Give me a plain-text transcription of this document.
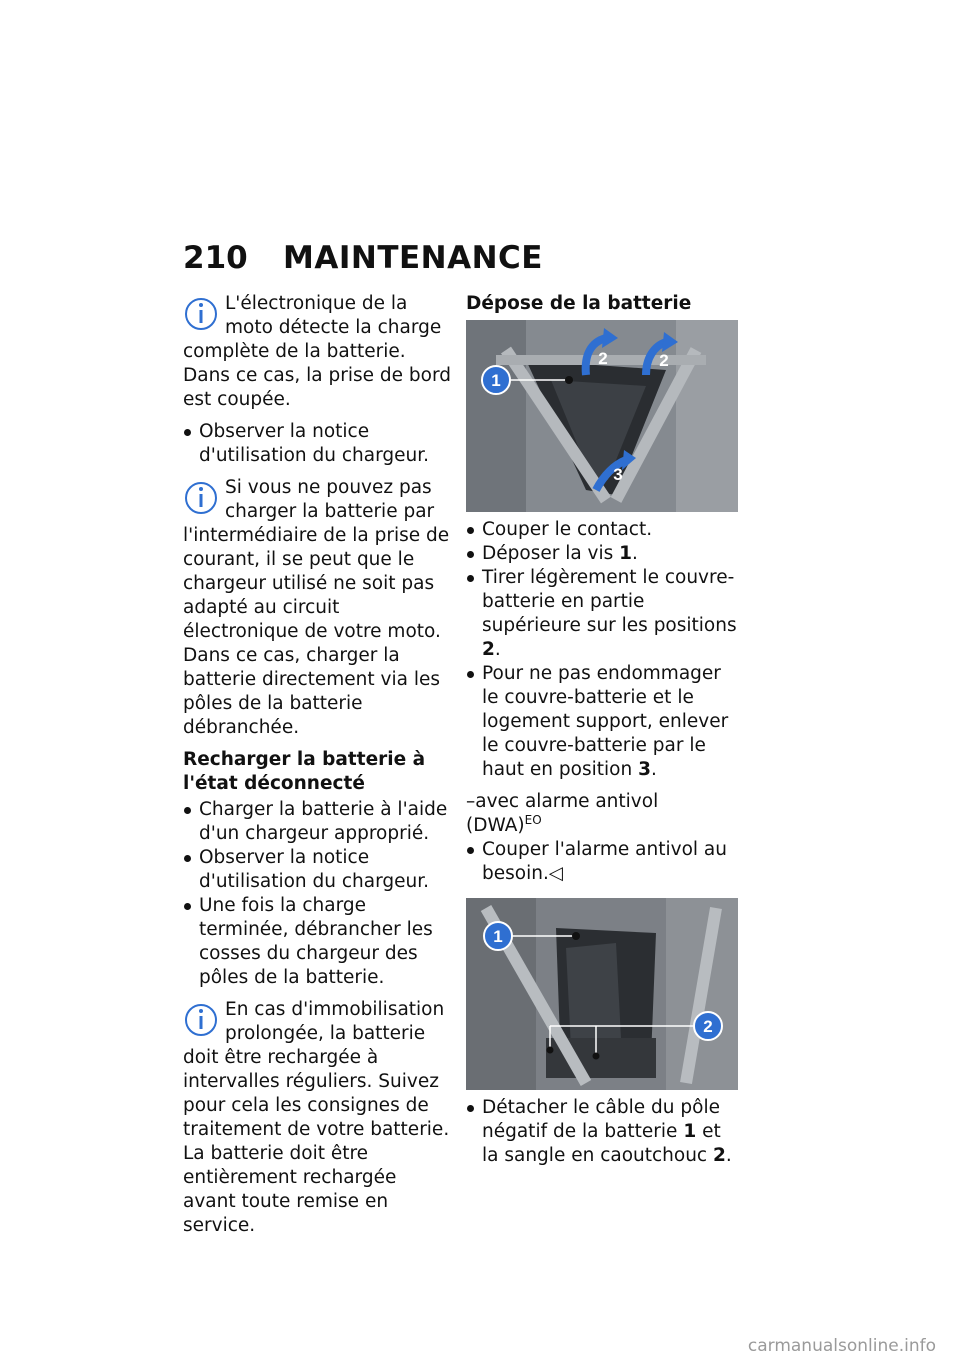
210	MAINTENANCE

L'électronique de la moto détecte la charge complète de la batterie. Dans ce cas, la prise de bord est coupée.

Observer la notice d'utilisation du chargeur.

Si vous ne pouvez pas charger la batterie par l'intermédiaire de la prise de courant, il se peut que le chargeur utilisé ne soit pas adapté au circuit électronique de votre moto. Dans ce cas, charger la batterie directement via les pôles de la batterie débranchée.

Recharger la batterie à l'état déconnecté

Charger la batterie à l'aide d'un chargeur approprié.
Observer la notice d'utilisation du chargeur.
Une fois la charge terminée, débrancher les cosses du chargeur des pôles de la batterie.

En cas d'immobilisation prolongée, la batterie doit être rechargée à intervalles réguliers. Suivez pour cela les consignes de traitement de votre batterie. La batterie doit être entièrement rechargée avant toute remise en service.

Dépose de la batterie

1
2	2
3
Couper le contact.
Déposer la vis 1.
Tirer légèrement le couvre-batterie en partie supérieure sur les positions 2.
Pour ne pas endommager le couvre-batterie et le logement support, enlever le couvre-batterie par le haut en position 3.

–avec alarme antivol (DWA)$^{EO}$

Couper l'alarme antivol au besoin.◁
1
2
Détacher le câble du pôle négatif de la batterie 1 et la sangle en caoutchouc 2.
carmanualsonline.info
